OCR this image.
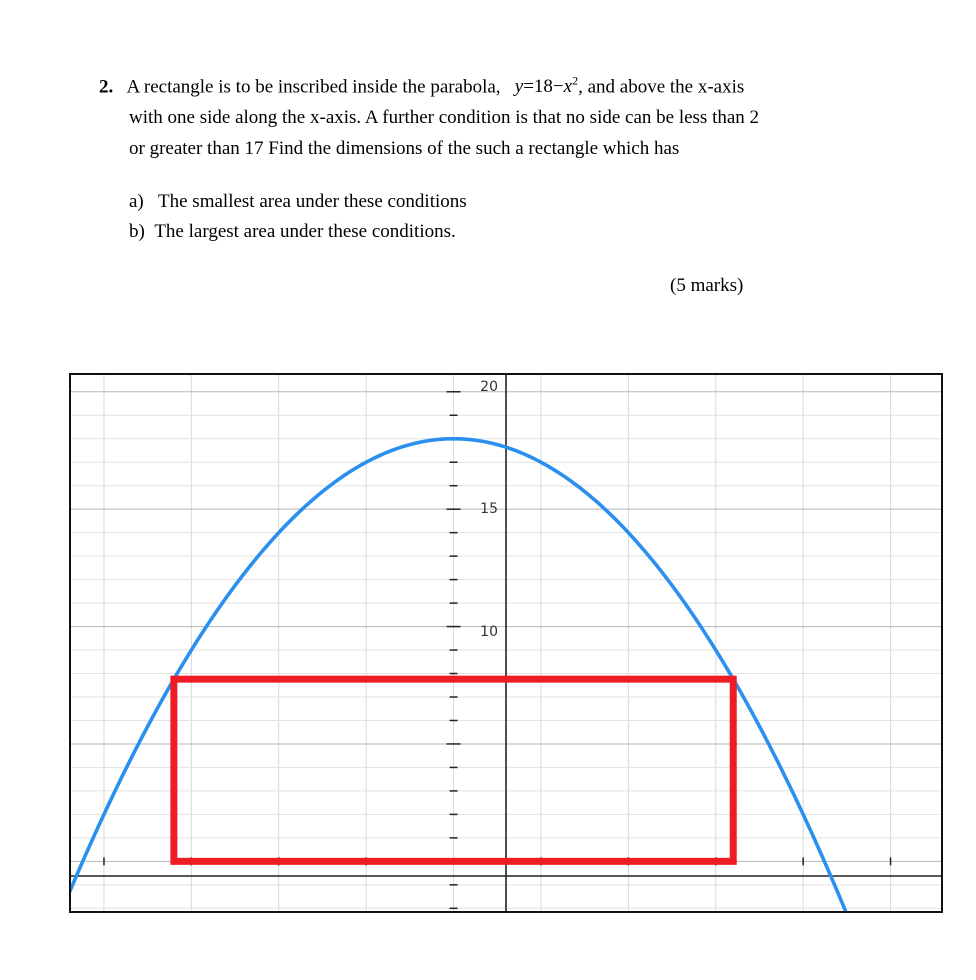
2. A rectangle is to be inscribed inside the parabola, $y=18-x^2$, and above the x-axis
with one side along the x-axis. A further condition is that no side can be less than 2
or greater than 17 Find the dimensions of the such a rectangle which has
a) The smallest area under these conditions
b) The largest area under these conditions.
(5 marks)
20
15
10
